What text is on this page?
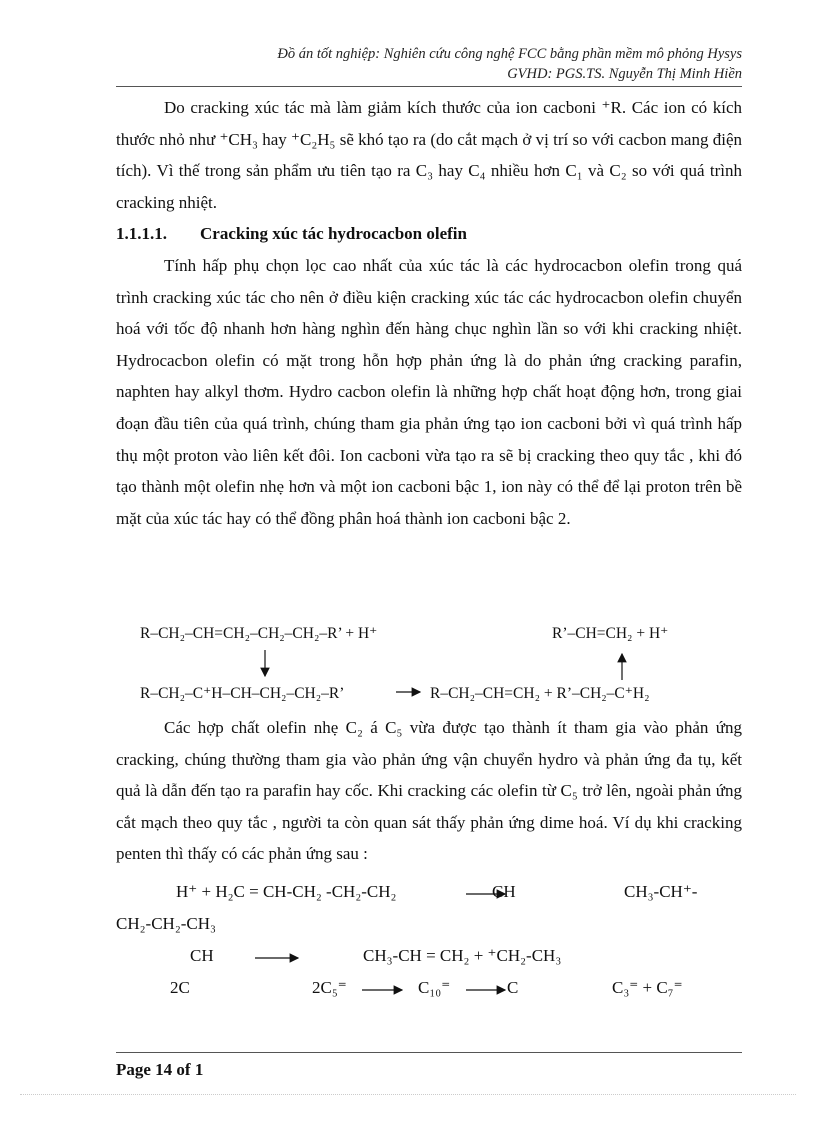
Đồ án tốt nghiệp: Nghiên cứu công nghệ FCC bằng phần mềm mô phỏng Hysys
GVHD: PGS.TS. Nguyễn Thị Minh Hiền

Do cracking xúc tác mà làm giảm kích thước của ion cacboni ⁺R. Các ion có kích thước nhỏ như ⁺CH₃ hay ⁺C₂H₅ sẽ khó tạo ra (do cắt mạch ở vị trí so với cacbon mang điện tích). Vì thế trong sản phẩm ưu tiên tạo ra C₃ hay C₄ nhiều hơn C₁ và C₂ so với quá trình cracking nhiệt.

1.1.1.1. Cracking xúc tác hydrocacbon olefin

Tính hấp phụ chọn lọc cao nhất của xúc tác là các hydrocacbon olefin trong quá trình cracking xúc tác cho nên ở điều kiện cracking xúc tác các hydrocacbon olefin chuyển hoá với tốc độ nhanh hơn hàng nghìn đến hàng chục nghìn lần so với khi cracking nhiệt. Hydrocacbon olefin có mặt trong hỗn hợp phản ứng là do phản ứng cracking parafin, naphten hay alkyl thơm. Hydro cacbon olefin là những hợp chất hoạt động hơn, trong giai đoạn đầu tiên của quá trình, chúng tham gia phản ứng tạo ion cacboni bởi vì quá trình hấp thụ một proton vào liên kết đôi. Ion cacboni vừa tạo ra sẽ bị cracking theo quy tắc , khi đó tạo thành một olefin nhẹ hơn và một ion cacboni bậc 1, ion này có thể để lại proton trên bề mặt của xúc tác hay có thể đồng phân hoá thành ion cacboni bậc 2.

R–CH₂–CH=CH₂–CH₂–CH₂–R’ + H⁺	R’–CH=CH₂ + H⁺
R–CH₂–C⁺H–CH–CH₂–CH₂–R’	R–CH₂–CH=CH₂ + R’–CH₂–C⁺H₂

Các hợp chất olefin nhẹ C₂ á C₅ vừa được tạo thành ít tham gia vào phản ứng cracking, chúng thường tham gia vào phản ứng vận chuyển hydro và phản ứng đa tụ, kết quả là dẫn đến tạo ra parafin hay cốc. Khi cracking các olefin từ C₅ trở lên, ngoài phản ứng cắt mạch theo quy tắc , người ta còn quan sát thấy phản ứng dime hoá. Ví dụ khi cracking penten thì thấy có các phản ứng sau :

H⁺ + H₂C = CH-CH₂ -CH₂-CH₂	CH	CH₃-CH⁺-
CH₂-CH₂-CH₃
CH	CH₃-CH = CH₂ + ⁺CH₂-CH₃
2C	2C₅⁼	C₁₀⁼	C	C₃⁼ + C₇⁼
Page 14 of 1
